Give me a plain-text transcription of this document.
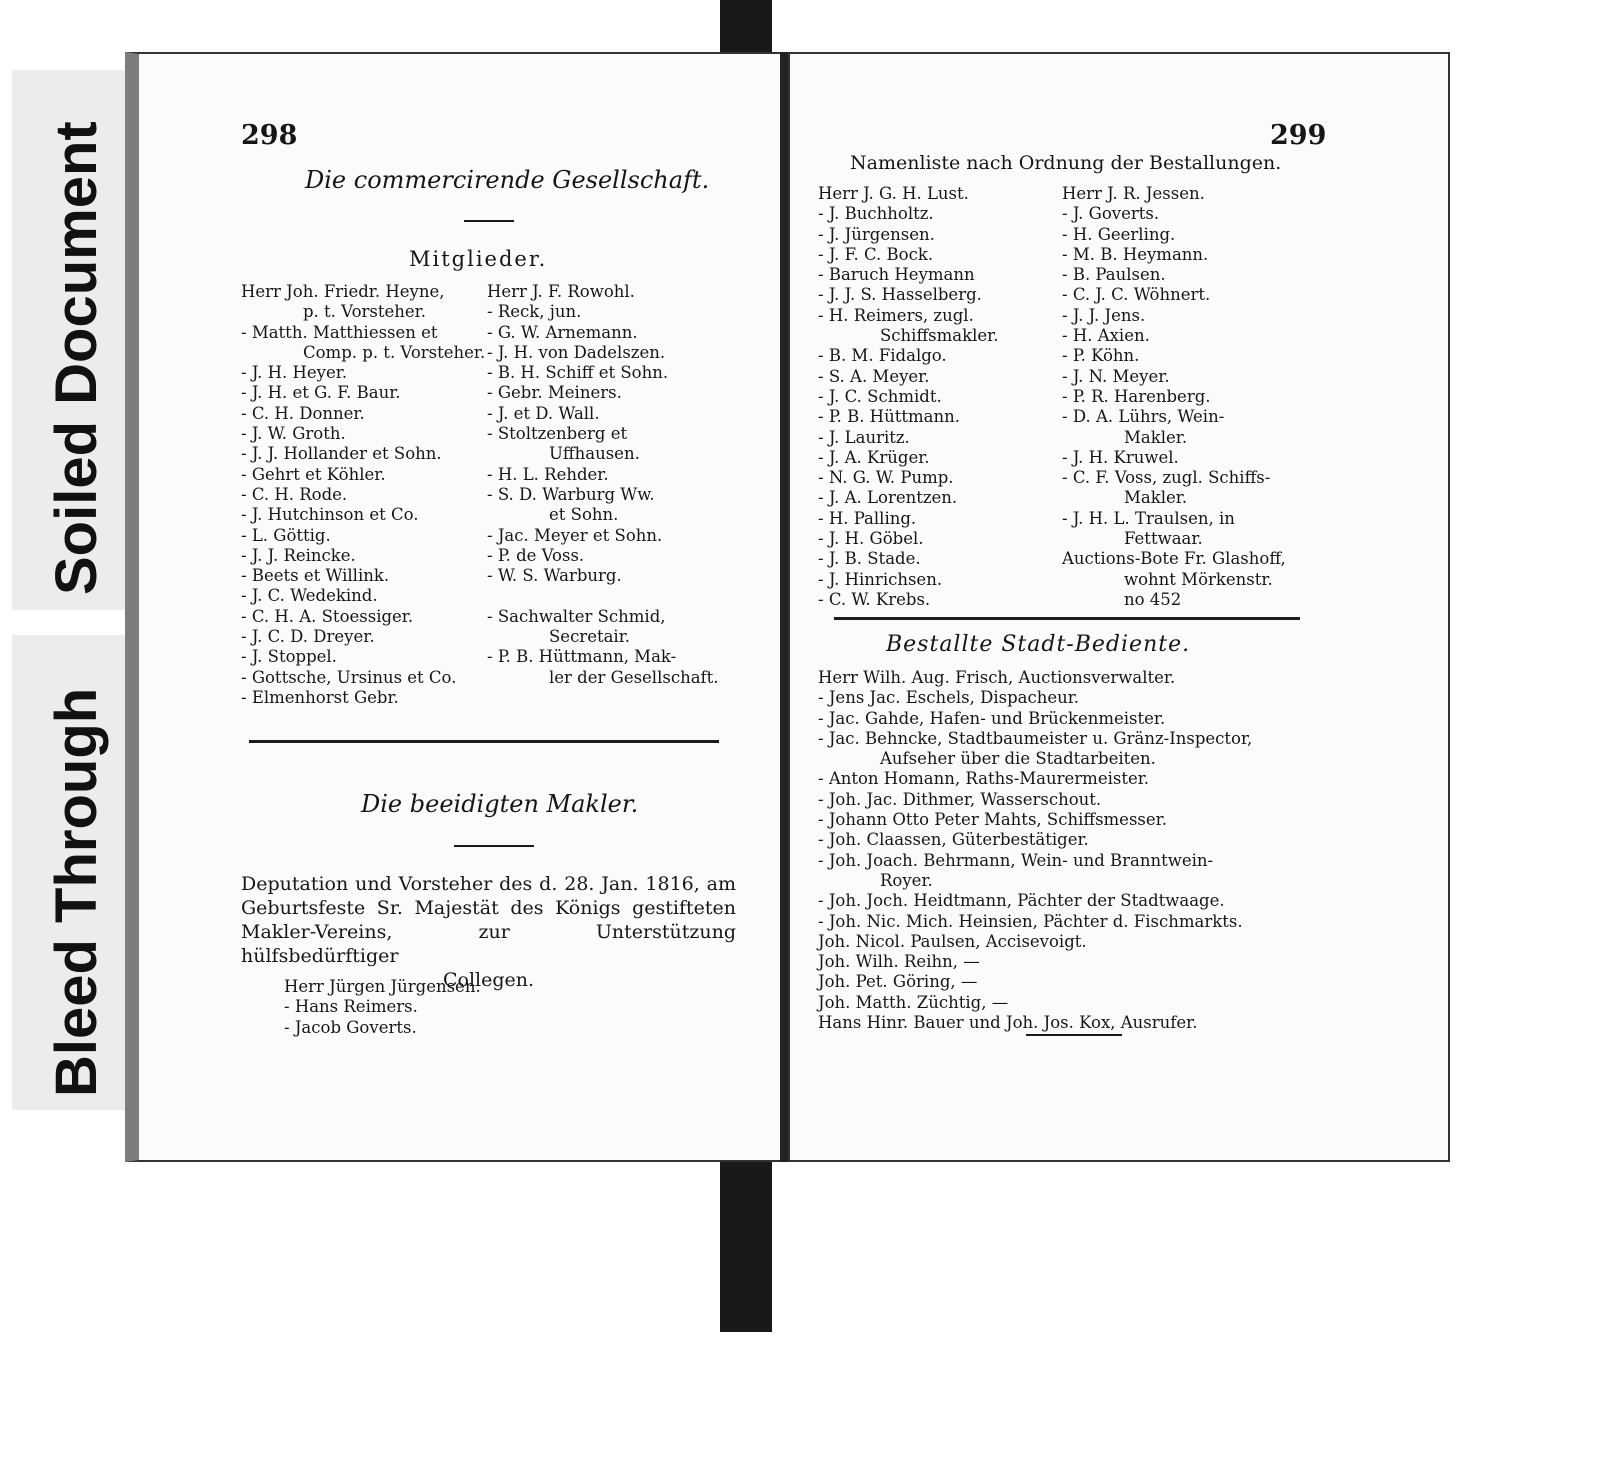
Soiled Document
Bleed Through
298
Die commercirende Gesellschaft.
Mitglieder.
Herr Joh. Friedr. Heyne,
p. t. Vorsteher.
- Matth. Matthiessen et
Comp. p. t. Vorsteher.
- J. H. Heyer.
- J. H. et G. F. Baur.
- C. H. Donner.
- J. W. Groth.
- J. J. Hollander et Sohn.
- Gehrt et Köhler.
- C. H. Rode.
- J. Hutchinson et Co.
- L. Göttig.
- J. J. Reincke.
- Beets et Willink.
- J. C. Wedekind.
- C. H. A. Stoessiger.
- J. C. D. Dreyer.
- J. Stoppel.
- Gottsche, Ursinus et Co.
- Elmenhorst Gebr.
Herr J. F. Rowohl.
- Reck, jun.
- G. W. Arnemann.
- J. H. von Dadelszen.
- B. H. Schiff et Sohn.
- Gebr. Meiners.
- J. et D. Wall.
- Stoltzenberg et
Uffhausen.
- H. L. Rehder.
- S. D. Warburg Ww.
et Sohn.
- Jac. Meyer et Sohn.
- P. de Voss.
- W. S. Warburg.
- Sachwalter Schmid,
Secretair.
- P. B. Hüttmann, Mak-
ler der Gesellschaft.
Die beeidigten Makler.
Deputation und Vorsteher des d. 28. Jan. 1816, am Geburtsfeste Sr. Majestät des Königs gestifteten Makler-Vereins, zur Unterstützung hülfsbedürftiger
Collegen.
Herr Jürgen Jürgensen.
- Hans Reimers.
- Jacob Goverts.
299
Namenliste nach Ordnung der Bestallungen.
Herr J. G. H. Lust.
- J. Buchholtz.
- J. Jürgensen.
- J. F. C. Bock.
- Baruch Heymann
- J. J. S. Hasselberg.
- H. Reimers, zugl.
Schiffsmakler.
- B. M. Fidalgo.
- S. A. Meyer.
- J. C. Schmidt.
- P. B. Hüttmann.
- J. Lauritz.
- J. A. Krüger.
- N. G. W. Pump.
- J. A. Lorentzen.
- H. Palling.
- J. H. Göbel.
- J. B. Stade.
- J. Hinrichsen.
- C. W. Krebs.
Herr J. R. Jessen.
- J. Goverts.
- H. Geerling.
- M. B. Heymann.
- B. Paulsen.
- C. J. C. Wöhnert.
- J. J. Jens.
- H. Axien.
- P. Köhn.
- J. N. Meyer.
- P. R. Harenberg.
- D. A. Lührs, Wein-
Makler.
- J. H. Kruwel.
- C. F. Voss, zugl. Schiffs-
Makler.
- J. H. L. Traulsen, in
Fettwaar.
Auctions-Bote Fr. Glashoff,
wohnt Mörkenstr.
no 452
Bestallte Stadt-Bediente.
Herr Wilh. Aug. Frisch, Auctionsverwalter.
- Jens Jac. Eschels, Dispacheur.
- Jac. Gahde, Hafen- und Brückenmeister.
- Jac. Behncke, Stadtbaumeister u. Gränz-Inspector,
Aufseher über die Stadtarbeiten.
- Anton Homann, Raths-Maurermeister.
- Joh. Jac. Dithmer, Wasserschout.
- Johann Otto Peter Mahts, Schiffsmesser.
- Joh. Claassen, Güterbestätiger.
- Joh. Joach. Behrmann, Wein- und Branntwein-
Royer.
- Joh. Joch. Heidtmann, Pächter der Stadtwaage.
- Joh. Nic. Mich. Heinsien, Pächter d. Fischmarkts.
Joh. Nicol. Paulsen, Accisevoigt.
Joh. Wilh. Reihn, —
Joh. Pet. Göring, —
Joh. Matth. Züchtig, —
Hans Hinr. Bauer und Joh. Jos. Kox, Ausrufer.
